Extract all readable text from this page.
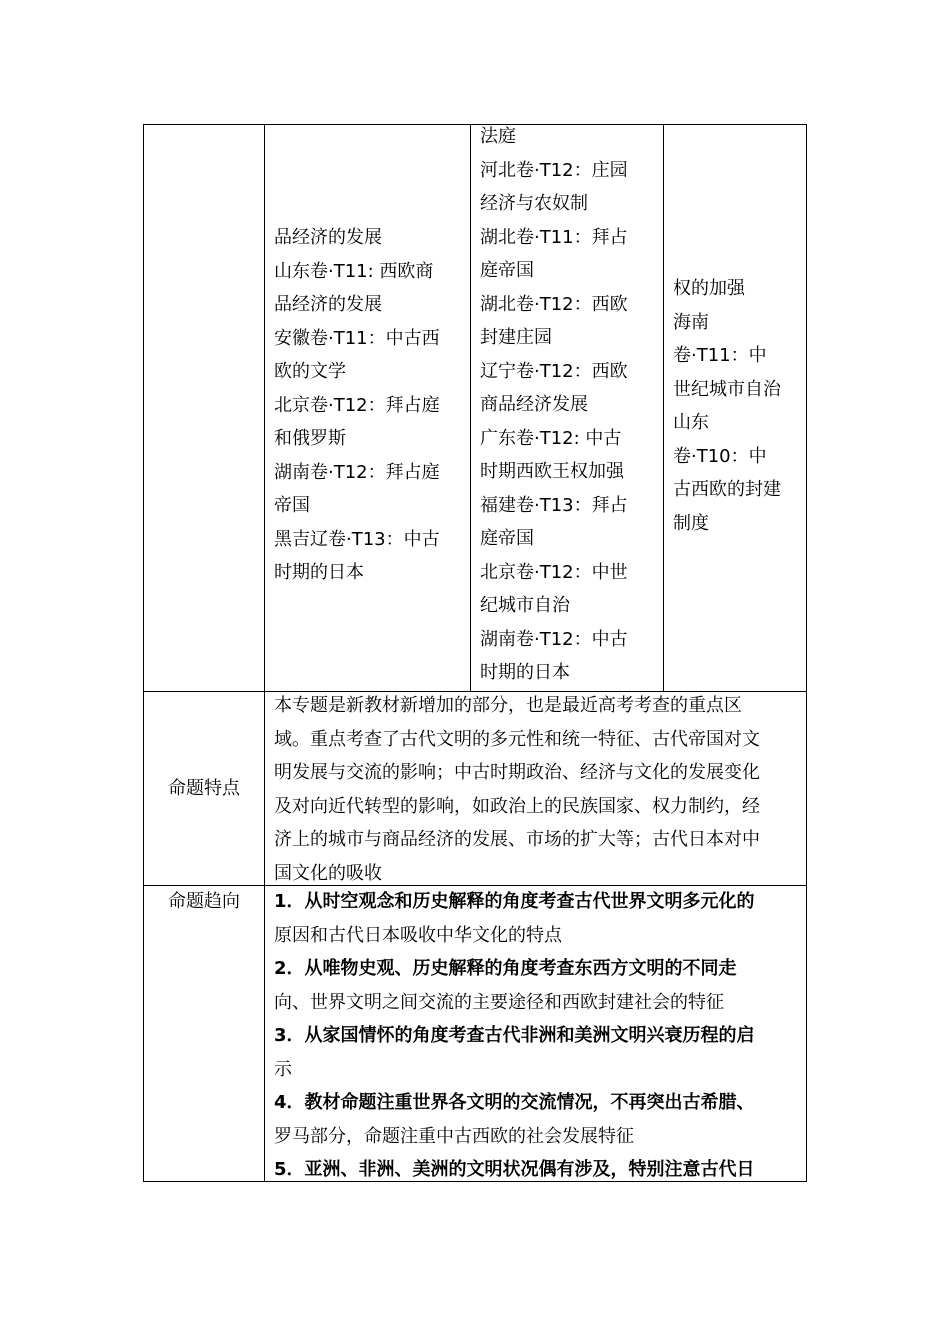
品经济的发展

山东卷·T11: 西欧商

品经济的发展

安徽卷·T11：中古西

欧的文学

北京卷·T12：拜占庭

和俄罗斯

湖南卷·T12：拜占庭

帝国

黑吉辽卷·T13：中古

时期的日本

法庭

河北卷·T12：庄园

经济与农奴制

湖北卷·T11：拜占

庭帝国

湖北卷·T12：西欧

封建庄园

辽宁卷·T12：西欧

商品经济发展

广东卷·T12: 中古

时期西欧王权加强

福建卷·T13：拜占

庭帝国

北京卷·T12：中世

纪城市自治

湖南卷·T12：中古

时期的日本

权的加强

海南

卷·T11：中

世纪城市自治

山东

卷·T10：中

古西欧的封建

制度

命题特点

本专题是新教材新增加的部分，也是最近高考考查的重点区

域。重点考查了古代文明的多元性和统一特征、古代帝国对文

明发展与交流的影响；中古时期政治、经济与文化的发展变化

及对向近代转型的影响，如政治上的民族国家、权力制约，经

济上的城市与商品经济的发展、市场的扩大等；古代日本对中

国文化的吸收

命题趋向	1．从时空观念和历史解释的角度考查古代世界文明多元化的

原因和古代日本吸收中华文化的特点

2．从唯物史观、历史解释的角度考查东西方文明的不同走

向、世界文明之间交流的主要途径和西欧封建社会的特征

3．从家国情怀的角度考查古代非洲和美洲文明兴衰历程的启

示

4．教材命题注重世界各文明的交流情况，不再突出古希腊、

罗马部分，命题注重中古西欧的社会发展特征

5．亚洲、非洲、美洲的文明状况偶有涉及，特别注意古代日
